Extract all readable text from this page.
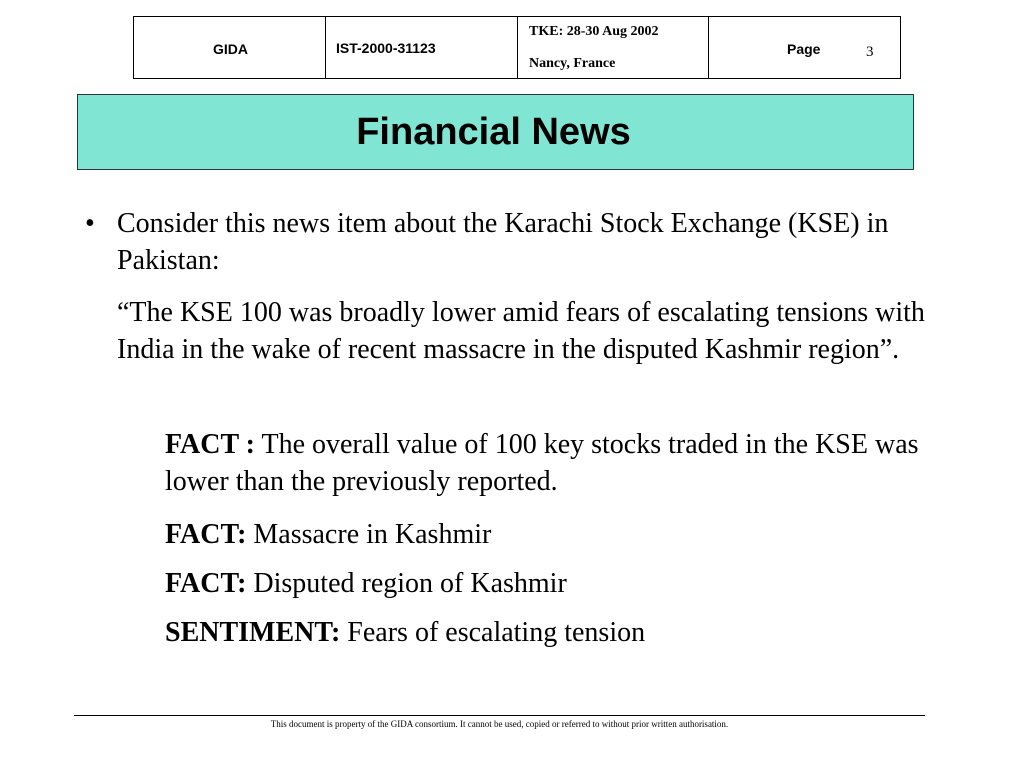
GIDA	IST-2000-31123
TKE: 28-30 Aug 2002
Nancy, France
Page	3
Financial News
• Consider this news item about the Karachi Stock Exchange (KSE) in Pakistan:
“The KSE 100 was broadly lower amid fears of escalating tensions with India in the wake of recent massacre in the disputed Kashmir region”.
FACT : The overall value of 100 key stocks traded in the KSE was lower than the previously reported.
FACT: Massacre in Kashmir
FACT: Disputed region of Kashmir
SENTIMENT: Fears of escalating tension
This document is property of the GIDA consortium. It cannot be used, copied or referred to without prior written authorisation.
